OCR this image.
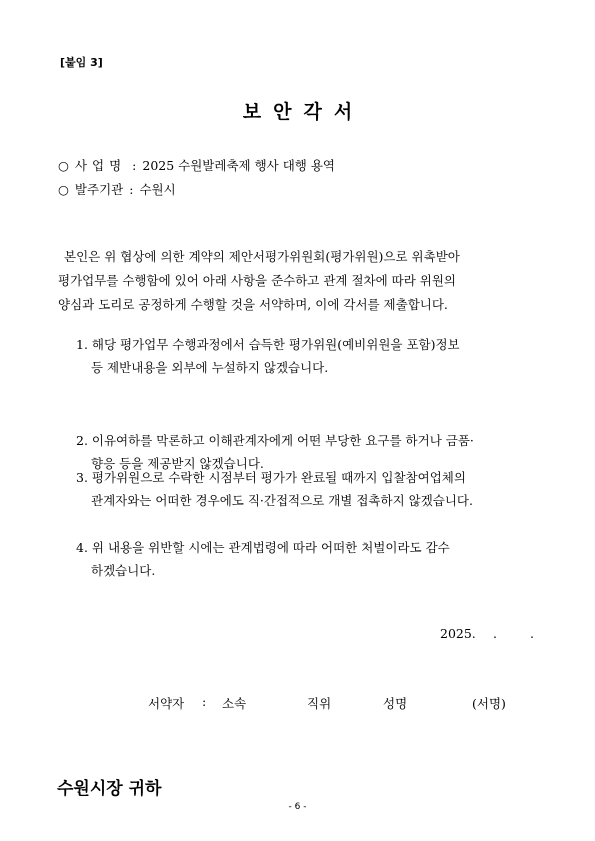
[붙임 3]
보안각서
○ 사업명 : 2025 수원발레축제 행사 대행 용역
○ 발주기관 : 수원시
본인은 위 협상에 의한 계약의 제안서평가위원회(평가위원)으로 위촉받아
평가업무를 수행함에 있어 아래 사항을 준수하고 관계 절차에 따라 위원의
양심과 도리로 공정하게 수행할 것을 서약하며, 이에 각서를 제출합니다.
1. 해당 평가업무 수행과정에서 습득한 평가위원(예비위원을 포함)정보
등 제반내용을 외부에 누설하지 않겠습니다.
2. 이유여하를 막론하고 이해관계자에게 어떤 부당한 요구를 하거나 금품·
향응 등을 제공받지 않겠습니다.
3. 평가위원으로 수락한 시점부터 평가가 완료될 때까지 입찰참여업체의
관계자와는 어떠한 경우에도 직·간접적으로 개별 접촉하지 않겠습니다.
4. 위 내용을 위반할 시에는 관계법령에 따라 어떠한 처벌이라도 감수
하겠습니다.
2025. .	.
서약자 : 소속	직위	성명	(서명)
수원시장 귀하
- 6 -
